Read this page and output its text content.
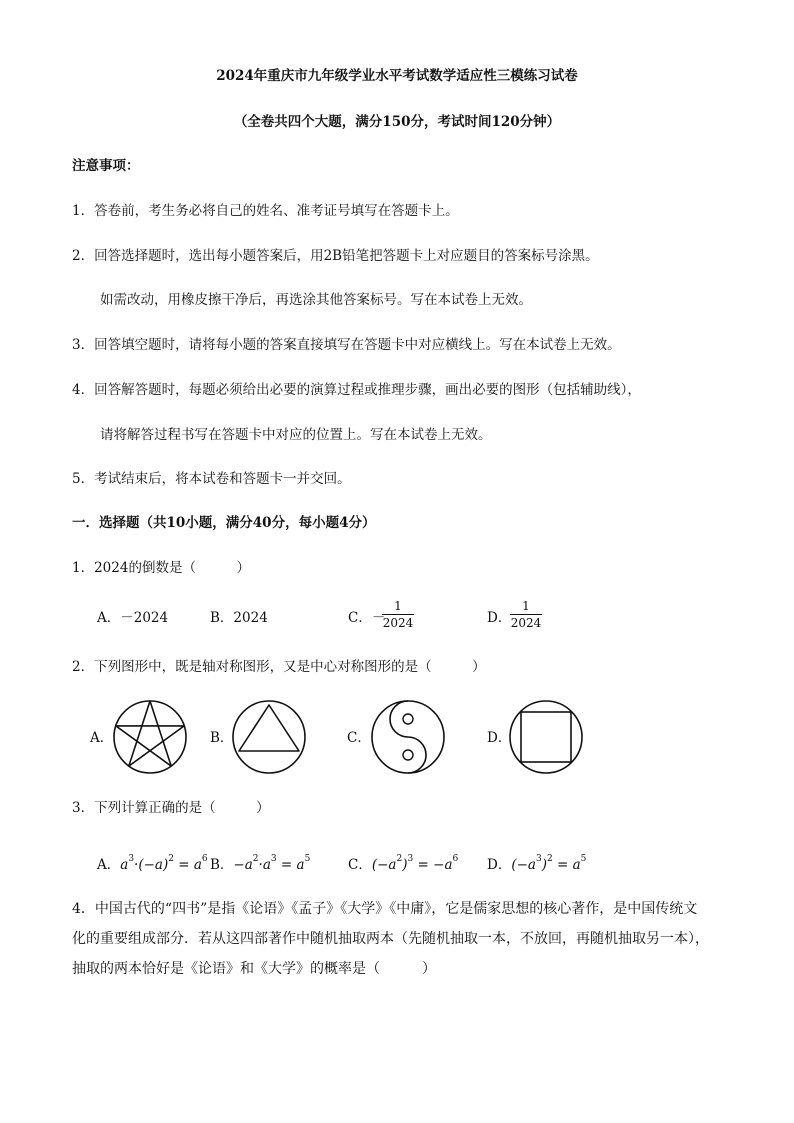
2024年重庆市九年级学业水平考试数学适应性三模练习试卷
（全卷共四个大题，满分150分，考试时间120分钟）
注意事项：
1．答卷前，考生务必将自己的姓名、准考证号填写在答题卡上。
2．回答选择题时，选出每小题答案后，用2B铅笔把答题卡上对应题目的答案标号涂黑。
如需改动，用橡皮擦干净后，再选涂其他答案标号。写在本试卷上无效。
3．回答填空题时，请将每小题的答案直接填写在答题卡中对应横线上。写在本试卷上无效。
4．回答解答题时，每题必须给出必要的演算过程或推理步骤，画出必要的图形（包括辅助线），
请将解答过程书写在答题卡中对应的位置上。写在本试卷上无效。
5．考试结束后，将本试卷和答题卡一并交回。
一．选择题（共10小题，满分40分，每小题4分）
1．2024的倒数是（　　　）
A．－2024	B．2024	C．－
1
2024	D．
1
2024
2．下列图形中，既是轴对称图形，又是中心对称图形的是（　　　）
A．	B．	C．	D．
3．下列计算正确的是（　　　）
A．$a^3\cdot(-a)^2 = a^6$ B．$-a^2\cdot a^3 = a^5$	C．$(-a^2)^3 = -a^6$ D．$(-a^3)^2 = a^5$
4．中国古代的“四书”是指《论语》《孟子》《大学》《中庸》，它是儒家思想的核心著作，是中国传统文
化的重要组成部分．若从这四部著作中随机抽取两本（先随机抽取一本，不放回，再随机抽取另一本），
抽取的两本恰好是《论语》和《大学》的概率是（　　　）
